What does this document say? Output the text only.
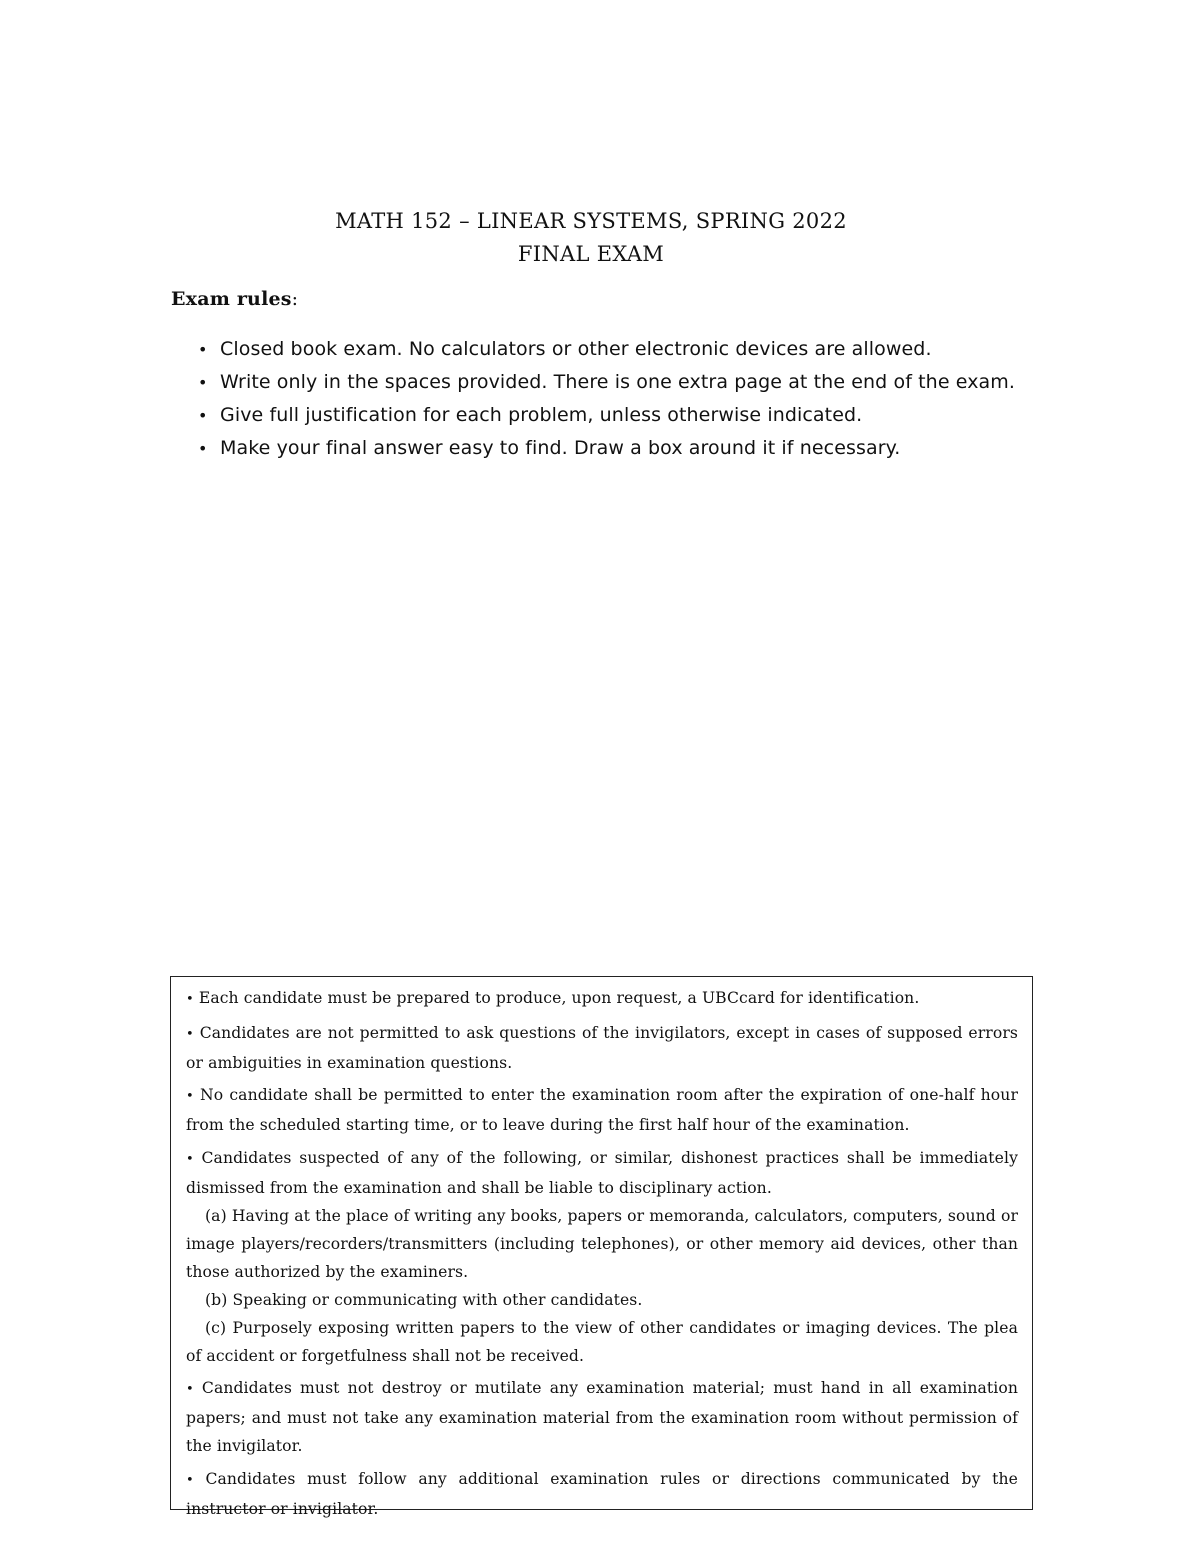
MATH 152 – LINEAR SYSTEMS, SPRING 2022
FINAL EXAM
Exam rules:
• Closed book exam. No calculators or other electronic devices are allowed.
• Write only in the spaces provided. There is one extra page at the end of the exam.
• Give full justification for each problem, unless otherwise indicated.
• Make your final answer easy to find. Draw a box around it if necessary.

• Each candidate must be prepared to produce, upon request, a UBCcard for identification.

• Candidates are not permitted to ask questions of the invigilators, except in cases of supposed errors or ambiguities in examination questions.

• No candidate shall be permitted to enter the examination room after the expiration of one-half hour from the scheduled starting time, or to leave during the first half hour of the examination.

• Candidates suspected of any of the following, or similar, dishonest practices shall be immediately dismissed from the examination and shall be liable to disciplinary action.

(a) Having at the place of writing any books, papers or memoranda, calculators, computers, sound or image players/recorders/transmitters (including telephones), or other memory aid devices, other than those authorized by the examiners.

(b) Speaking or communicating with other candidates.

(c) Purposely exposing written papers to the view of other candidates or imaging devices. The plea of accident or forgetfulness shall not be received.

• Candidates must not destroy or mutilate any examination material; must hand in all examination papers; and must not take any examination material from the examination room without permission of the invigilator.

• Candidates must follow any additional examination rules or directions communicated by the instructor or invigilator.
